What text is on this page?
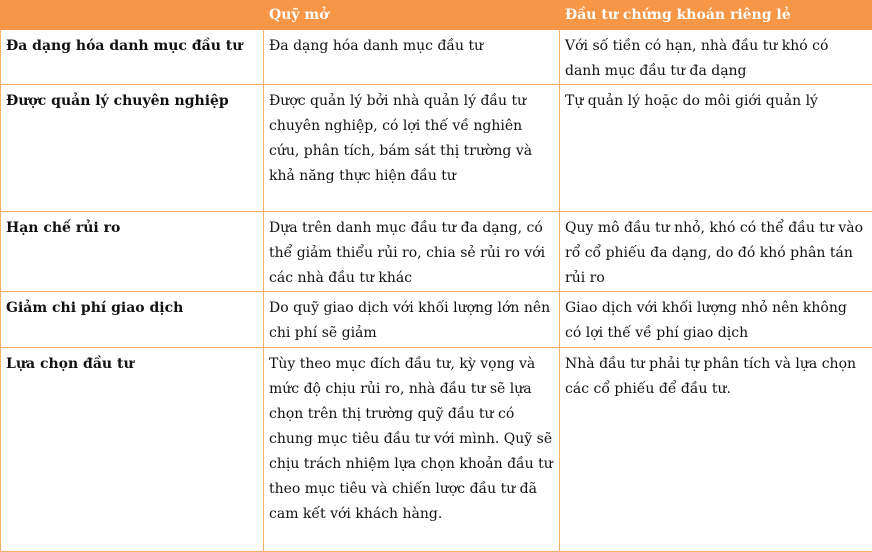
	Quỹ mở	Đầu tư chứng khoán riêng lẻ
Đa dạng hóa danh mục đầu tư	Đa dạng hóa danh mục đầu tư	Với số tiền có hạn, nhà đầu tư khó có danh mục đầu tư đa dạng
Được quản lý chuyên nghiệp	Được quản lý bởi nhà quản lý đầu tư chuyên nghiệp, có lợi thế về nghiên cứu, phân tích, bám sát thị trường và khả năng thực hiện đầu tư	Tự quản lý hoặc do môi giới quản lý
Hạn chế rủi ro	Dựa trên danh mục đầu tư đa dạng, có thể giảm thiểu rủi ro, chia sẻ rủi ro với các nhà đầu tư khác	Quy mô đầu tư nhỏ, khó có thể đầu tư vào rổ cổ phiếu đa dạng, do đó khó phân tán rủi ro
Giảm chi phí giao dịch	Do quỹ giao dịch với khối lượng lớn nên chi phí sẽ giảm	Giao dịch với khối lượng nhỏ nên không có lợi thế về phí giao dịch
Lựa chọn đầu tư	Tùy theo mục đích đầu tư, kỳ vọng và mức độ chịu rủi ro, nhà đầu tư sẽ lựa chọn trên thị trường quỹ đầu tư có chung mục tiêu đầu tư với mình. Quỹ sẽ chịu trách nhiệm lựa chọn khoản đầu tư theo mục tiêu và chiến lược đầu tư đã cam kết với khách hàng.	Nhà đầu tư phải tự phân tích và lựa chọn các cổ phiếu để đầu tư.
